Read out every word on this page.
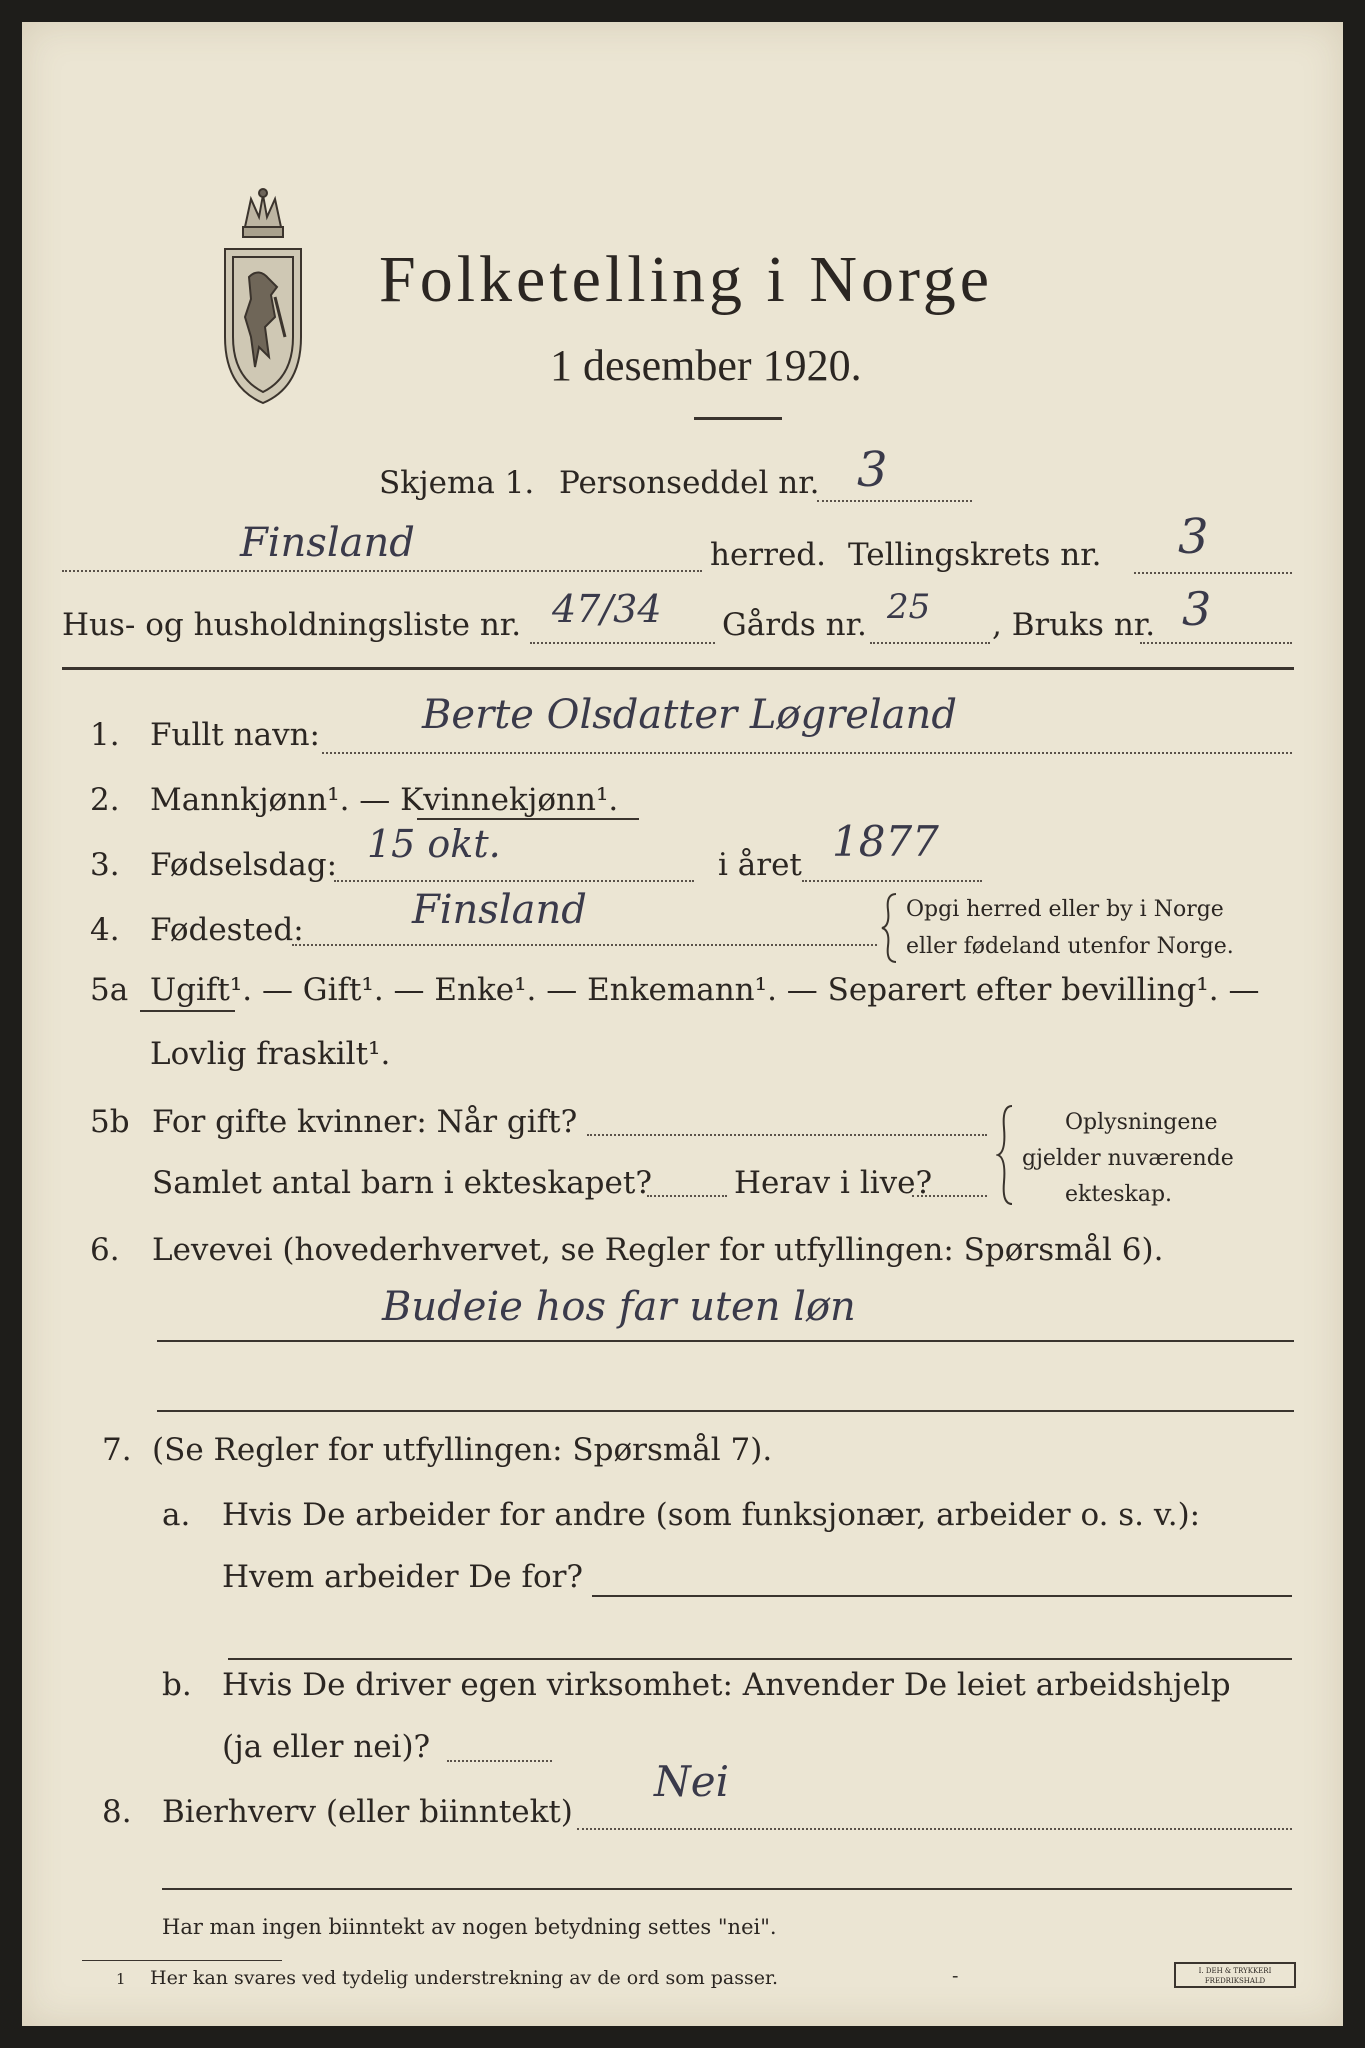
Folketelling i Norge
1 desember 1920.
Skjema 1. Personseddel nr. 3
Finsland	herred. Tellingskrets nr. 3
Hus- og husholdningsliste nr. 47/34 Gårds nr. 25 , Bruks nr. 3
1. Fullt navn:	Berte Olsdatter Løgreland
2. Mannkjønn¹. — Kvinnekjønn¹.
3. Fødselsdag: 15 okt.	i året 1877
4. Fødested:	Finsland	Opgi herred eller by i Norge
eller fødeland utenfor Norge.
5a Ugift¹. — Gift¹. — Enke¹. — Enkemann¹. — Separert efter bevilling¹. —
Lovlig fraskilt¹.
5b For gifte kvinner: Når gift?
Samlet antal barn i ekteskapet?	Herav i live?
Oplysningene
gjelder nuværende
ekteskap.
6. Levevei (hovederhvervet, se Regler for utfyllingen: Spørsmål 6).
Budeie hos far uten løn
7. (Se Regler for utfyllingen: Spørsmål 7).
a. Hvis De arbeider for andre (som funksjonær, arbeider o. s. v.):
Hvem arbeider De for?
b. Hvis De driver egen virksomhet: Anvender De leiet arbeidshjelp
(ja eller nei)?
8. Bierhverv (eller biinntekt)
Nei
Har man ingen biinntekt av nogen betydning settes "nei".
1 Her kan svares ved tydelig understrekning av de ord som passer.	-	I. DEH & TRYKKERI FREDRIKSHALD
